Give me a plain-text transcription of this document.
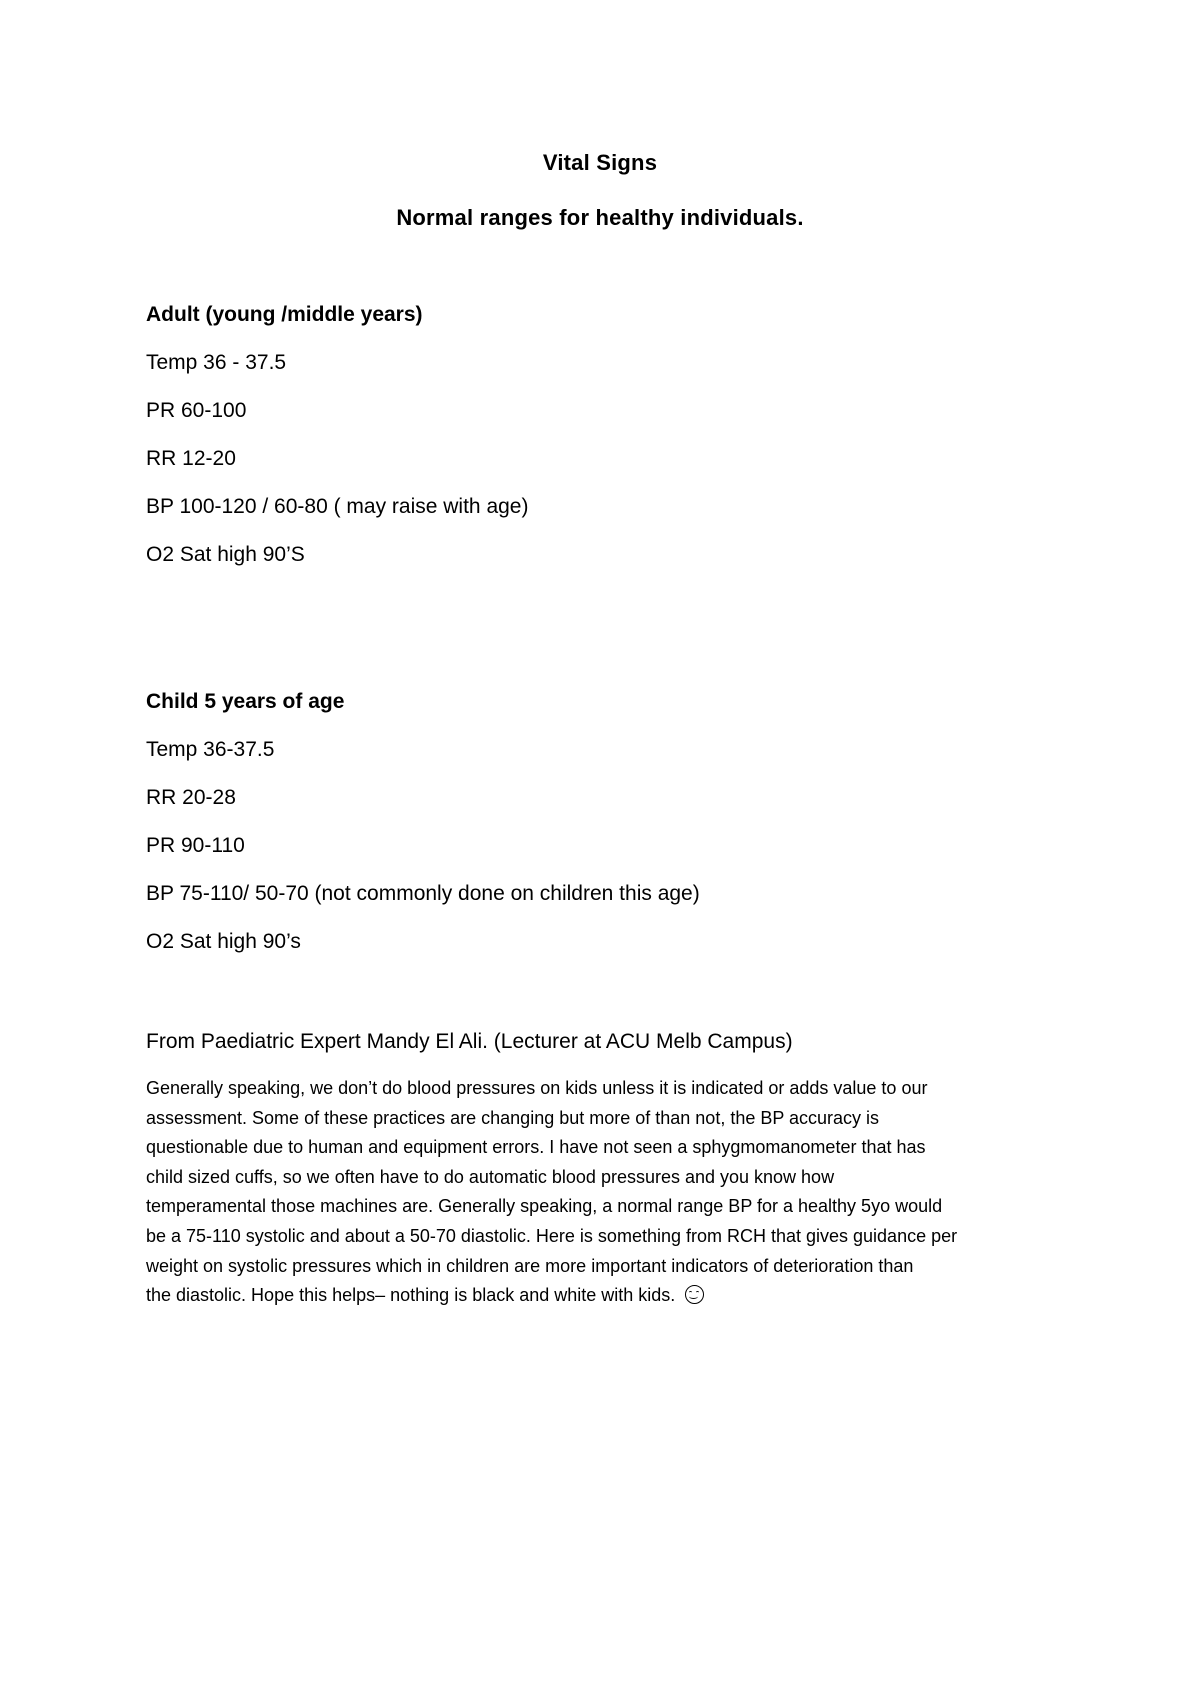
Vital Signs
Normal ranges for healthy individuals.
Adult (young /middle years)
Temp 36 - 37.5
PR 60-100
RR 12-20
BP 100-120 / 60-80 ( may raise with age)
O2 Sat high 90’S
Child 5 years of age
Temp 36-37.5
RR 20-28
PR 90-110
BP 75-110/ 50-70 (not commonly done on children this age)
O2 Sat high 90’s
From Paediatric Expert Mandy El Ali. (Lecturer at ACU Melb Campus)
Generally speaking, we don’t do blood pressures on kids unless it is indicated or adds value to our
assessment. Some of these practices are changing but more of than not, the BP accuracy is
questionable due to human and equipment errors. I have not seen a sphygmomanometer that has
child sized cuffs, so we often have to do automatic blood pressures and you know how
temperamental those machines are. Generally speaking, a normal range BP for a healthy 5yo would
be a 75-110 systolic and about a 50-70 diastolic. Here is something from RCH that gives guidance per
weight on systolic pressures which in children are more important indicators of deterioration than
the diastolic. Hope this helps– nothing is black and white with kids.
